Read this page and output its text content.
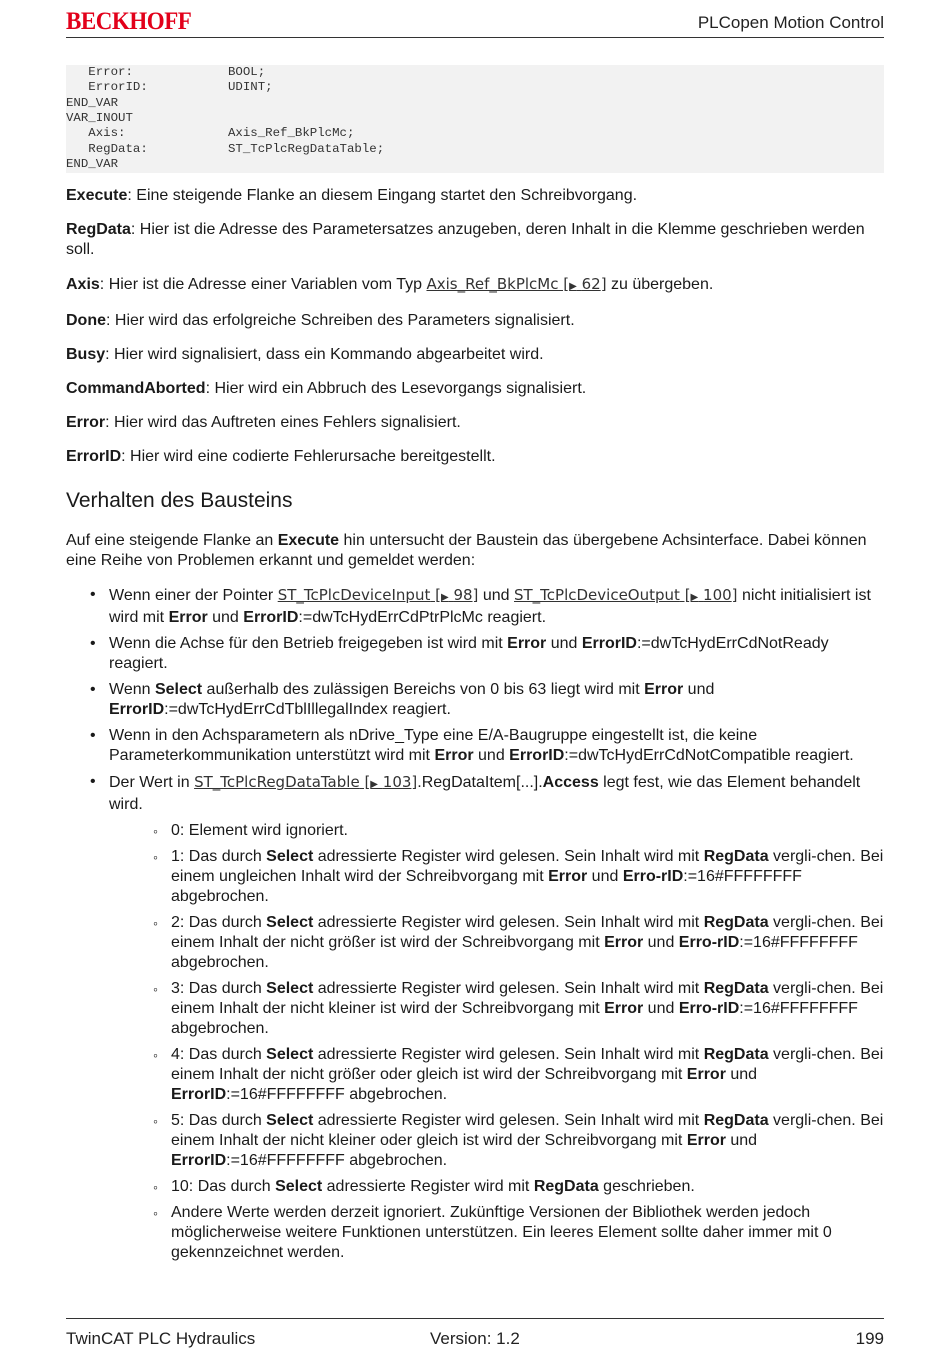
BECKHOFF	PLCopen Motion Control
Error:	BOOL;
ErrorID:	UDINT;
END_VAR
VAR_INOUT
Axis:	Axis_Ref_BkPlcMc;
RegData:	ST_TcPlcRegDataTable;
END_VAR

Execute: Eine steigende Flanke an diesem Eingang startet den Schreibvorgang.

RegData: Hier ist die Adresse des Parametersatzes anzugeben, deren Inhalt in die Klemme geschrieben werden soll.

Axis: Hier ist die Adresse einer Variablen vom Typ Axis_Ref_BkPlcMc [▶ 62] zu übergeben.

Done: Hier wird das erfolgreiche Schreiben des Parameters signalisiert.

Busy: Hier wird signalisiert, dass ein Kommando abgearbeitet wird.

CommandAborted: Hier wird ein Abbruch des Lesevorgangs signalisiert.

Error: Hier wird das Auftreten eines Fehlers signalisiert.

ErrorID: Hier wird eine codierte Fehlerursache bereitgestellt.

Verhalten des Bausteins

Auf eine steigende Flanke an Execute hin untersucht der Baustein das übergebene Achsinterface. Dabei können eine Reihe von Problemen erkannt und gemeldet werden:

• Wenn einer der Pointer ST_TcPlcDeviceInput [▶ 98] und ST_TcPlcDeviceOutput [▶ 100] nicht initialisiert ist wird mit Error und ErrorID:=dwTcHydErrCdPtrPlcMc reagiert.
• Wenn die Achse für den Betrieb freigegeben ist wird mit Error und ErrorID:=dwTcHydErrCdNotReady reagiert.
• Wenn Select außerhalb des zulässigen Bereichs von 0 bis 63 liegt wird mit Error und ErrorID:=dwTcHydErrCdTblIllegalIndex reagiert.
• Wenn in den Achsparametern als nDrive_Type eine E/A-Baugruppe eingestellt ist, die keine Parameterkommunikation unterstützt wird mit Error und ErrorID:=dwTcHydErrCdNotCompatible reagiert.
• Der Wert in ST_TcPlcRegDataTable [▶ 103].RegDataItem[...].Access legt fest, wie das Element behandelt wird.
◦ 0: Element wird ignoriert.
◦ 1: Das durch Select adressierte Register wird gelesen. Sein Inhalt wird mit RegData vergli-chen. Bei einem ungleichen Inhalt wird der Schreibvorgang mit Error und Erro-rID:=16#FFFFFFFF abgebrochen.
◦ 2: Das durch Select adressierte Register wird gelesen. Sein Inhalt wird mit RegData vergli-chen. Bei einem Inhalt der nicht größer ist wird der Schreibvorgang mit Error und Erro-rID:=16#FFFFFFFF abgebrochen.
◦ 3: Das durch Select adressierte Register wird gelesen. Sein Inhalt wird mit RegData vergli-chen. Bei einem Inhalt der nicht kleiner ist wird der Schreibvorgang mit Error und Erro-rID:=16#FFFFFFFF abgebrochen.
◦ 4: Das durch Select adressierte Register wird gelesen. Sein Inhalt wird mit RegData vergli-chen. Bei einem Inhalt der nicht größer oder gleich ist wird der Schreibvorgang mit Error und ErrorID:=16#FFFFFFFF abgebrochen.
◦ 5: Das durch Select adressierte Register wird gelesen. Sein Inhalt wird mit RegData vergli-chen. Bei einem Inhalt der nicht kleiner oder gleich ist wird der Schreibvorgang mit Error und ErrorID:=16#FFFFFFFF abgebrochen.
◦ 10: Das durch Select adressierte Register wird mit RegData geschrieben.
◦ Andere Werte werden derzeit ignoriert. Zukünftige Versionen der Bibliothek werden jedoch möglicherweise weitere Funktionen unterstützen. Ein leeres Element sollte daher immer mit 0 gekennzeichnet werden.
TwinCAT PLC Hydraulics	Version: 1.2	199
